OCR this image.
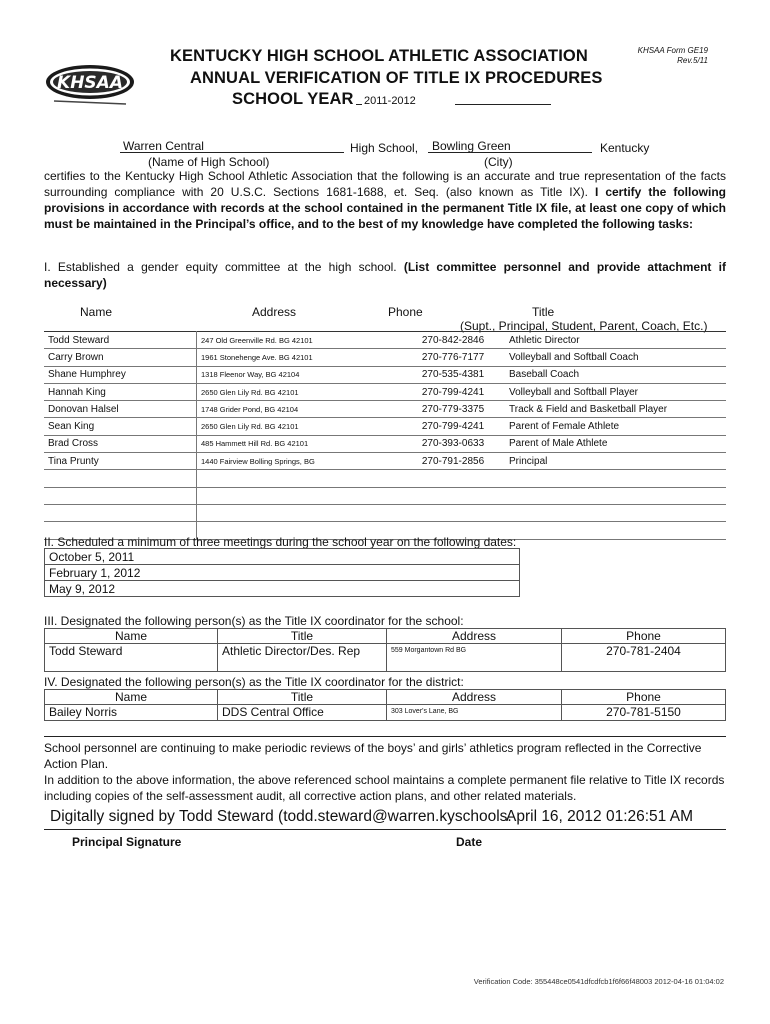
KHSAA
KENTUCKY HIGH SCHOOL ATHLETIC ASSOCIATION
ANNUAL VERIFICATION OF TITLE IX PROCEDURES
SCHOOL YEAR 2011-2012
KHSAA Form GE19
Rev.5/11
Warren Central	High School, Bowling Green	Kentucky
(Name of High School)	(City)
certifies to the Kentucky High School Athletic Association that the following is an accurate and true representation of the facts surrounding compliance with 20 U.S.C. Sections 1681-1688, et. Seq. (also known as Title IX). I certify the following provisions in accordance with records at the school contained in the permanent Title IX file, at least one copy of which must be maintained in the Principal’s office, and to the best of my knowledge have completed the following tasks:
I. Established a gender equity committee at the high school. (List committee personnel and provide attachment if necessary)
Name	Address	Phone	Title
(Supt., Principal, Student, Parent, Coach, Etc.)
Todd Steward	247 Old Greenville Rd. BG 42101	270-842-2846	Athletic Director
Carry Brown	1961 Stonehenge Ave. BG 42101	270-776-7177	Volleyball and Softball Coach
Shane Humphrey	1318 Fleenor Way, BG 42104	270-535-4381	Baseball Coach
Hannah King	2650 Glen Lily Rd. BG 42101	270-799-4241	Volleyball and Softball Player
Donovan Halsel	1748 Grider Pond, BG 42104	270-779-3375	Track & Field and Basketball Player
Sean King	2650 Glen Lily Rd. BG 42101	270-799-4241	Parent of Female Athlete
Brad Cross	485 Hammett Hill Rd. BG 42101	270-393-0633	Parent of Male Athlete
Tina Prunty	1440 Fairview Bolling Springs, BG	270-791-2856	Principal

II. Scheduled a minimum of three meetings during the school year on the following dates:
October 5, 2011
February 1, 2012
May 9, 2012
III. Designated the following person(s) as the Title IX coordinator for the school:
Name	Title	Address	Phone
Todd Steward	Athletic Director/Des. Rep	559 Morgantown Rd BG	270-781-2404
IV. Designated the following person(s) as the Title IX coordinator for the district:
Name	Title	Address	Phone
Bailey Norris	DDS Central Office	303 Lover's Lane, BG	270-781-5150
School personnel are continuing to make periodic reviews of the boys’ and girls’ athletics program reflected in the Corrective Action Plan.
In addition to the above information, the above referenced school maintains a complete permanent file relative to Title IX records including copies of the self-assessment audit, all corrective action plans, and other related materials.
Digitally signed by Todd Steward (todd.steward@warren.kyschools.
April 16, 2012 01:26:51 AM
Principal Signature	Date
Verification Code: 355448ce0541dfcdfcb1f6f66f48003 2012-04-16 01:04:02
